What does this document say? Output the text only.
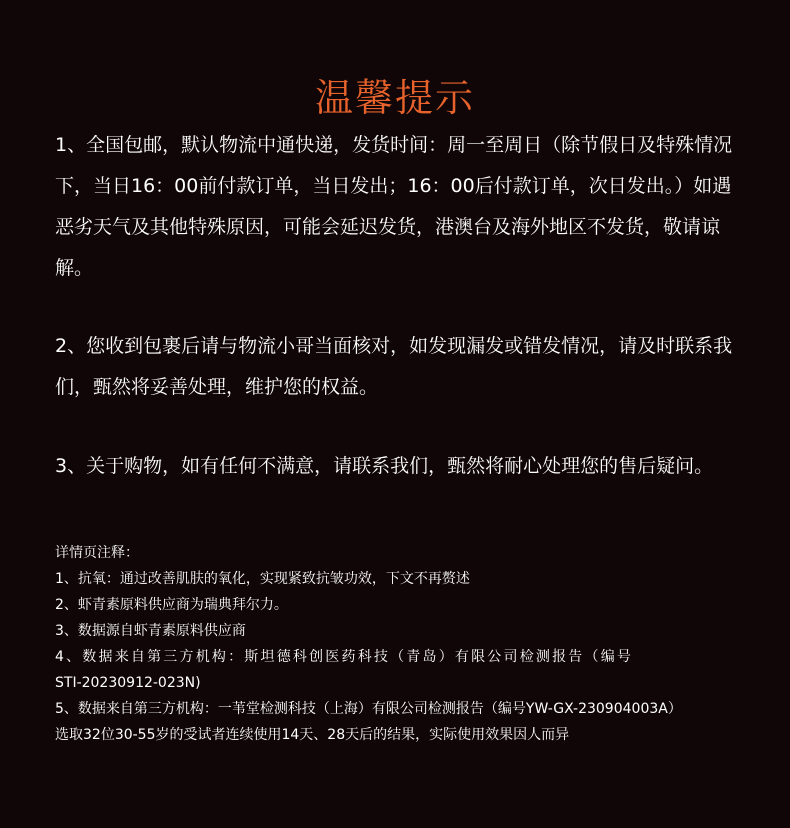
温馨提示

1、全国包邮，默认物流中通快递，发货时间：周一至周日（除节假日及特殊情况下，当日16：00前付款订单，当日发出；16：00后付款订单，次日发出。）如遇恶劣天气及其他特殊原因，可能会延迟发货，港澳台及海外地区不发货，敬请谅解。

2、您收到包裹后请与物流小哥当面核对，如发现漏发或错发情况，请及时联系我们，甄然将妥善处理，维护您的权益。

3、关于购物，如有任何不满意，请联系我们，甄然将耐心处理您的售后疑问。

详情页注释：

1、抗氧：通过改善肌肤的氧化，实现紧致抗皱功效，下文不再赘述

2、虾青素原料供应商为瑞典拜尔力。

3、数据源自虾青素原料供应商

4、数据来自第三方机构：斯坦德科创医药科技（青岛）有限公司检测报告（编号

STI-20230912-023N)

5、数据来自第三方机构：一苇堂检测科技（上海）有限公司检测报告（编号YW-GX-230904003A）

选取32位30-55岁的受试者连续使用14天、28天后的结果，实际使用效果因人而异
